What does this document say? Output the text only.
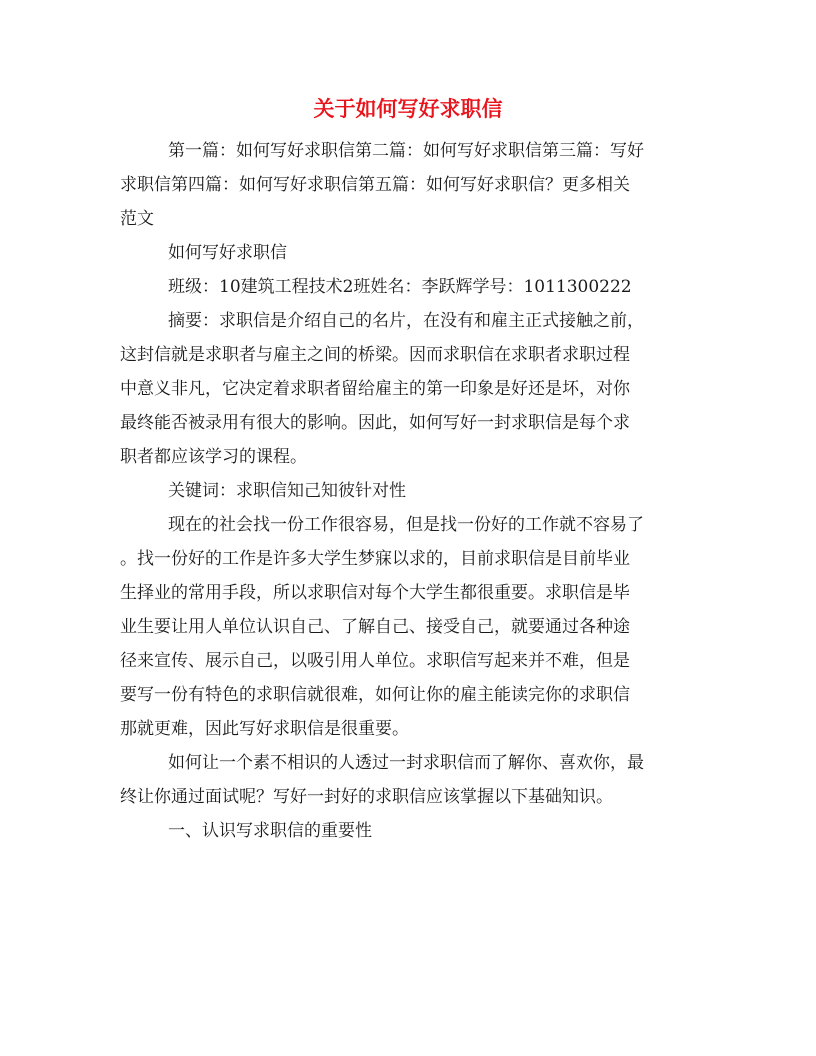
关于如何写好求职信

第一篇：如何写好求职信第二篇：如何写好求职信第三篇：写好
求职信第四篇：如何写好求职信第五篇：如何写好求职信？更多相关
范文

如何写好求职信

班级：10建筑工程技术2班姓名：李跃辉学号：1011300222

摘要：求职信是介绍自己的名片，在没有和雇主正式接触之前，
这封信就是求职者与雇主之间的桥梁。因而求职信在求职者求职过程
中意义非凡，它决定着求职者留给雇主的第一印象是好还是坏，对你
最终能否被录用有很大的影响。因此，如何写好一封求职信是每个求
职者都应该学习的课程。

关键词：求职信知己知彼针对性

现在的社会找一份工作很容易，但是找一份好的工作就不容易了
。找一份好的工作是许多大学生梦寐以求的，目前求职信是目前毕业
生择业的常用手段，所以求职信对每个大学生都很重要。求职信是毕
业生要让用人单位认识自己、了解自己、接受自己，就要通过各种途
径来宣传、展示自己，以吸引用人单位。求职信写起来并不难，但是
要写一份有特色的求职信就很难，如何让你的雇主能读完你的求职信
那就更难，因此写好求职信是很重要。

如何让一个素不相识的人透过一封求职信而了解你、喜欢你，最
终让你通过面试呢？写好一封好的求职信应该掌握以下基础知识。

一、认识写求职信的重要性
